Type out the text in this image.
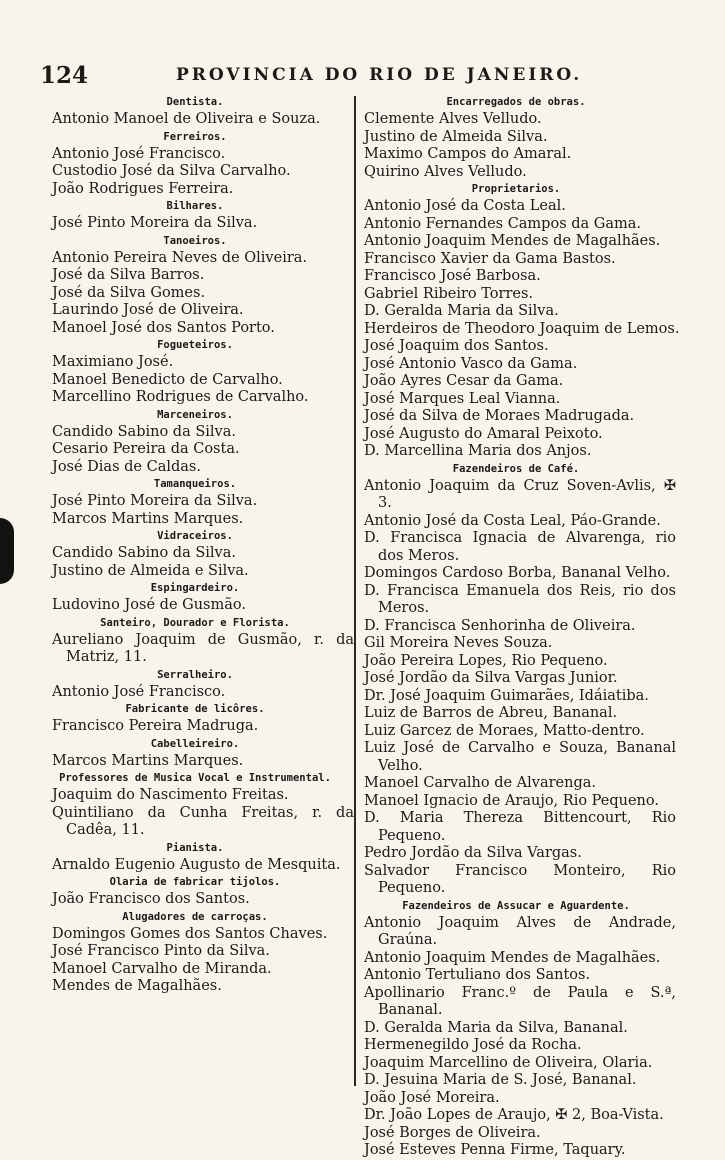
124	PROVINCIA DO RIO DE JANEIRO.
Dentista.
Antonio Manoel de Oliveira e Souza.
Ferreiros.
Antonio José Francisco.
Custodio José da Silva Carvalho.
João Rodrigues Ferreira.
Bilhares.
José Pinto Moreira da Silva.
Tanoeiros.
Antonio Pereira Neves de Oliveira.
José da Silva Barros.
José da Silva Gomes.
Laurindo José de Oliveira.
Manoel José dos Santos Porto.
Fogueteiros.
Maximiano José.
Manoel Benedicto de Carvalho.
Marcellino Rodrigues de Carvalho.
Marceneiros.
Candido Sabino da Silva.
Cesario Pereira da Costa.
José Dias de Caldas.
Tamanqueiros.
José Pinto Moreira da Silva.
Marcos Martins Marques.
Vidraceiros.
Candido Sabino da Silva.
Justino de Almeida e Silva.
Espingardeiro.
Ludovino José de Gusmão.
Santeiro, Dourador e Florista.
Aureliano Joaquim de Gusmão, r. da Matriz, 11.
Serralheiro.
Antonio José Francisco.
Fabricante de licôres.
Francisco Pereira Madruga.
Cabelleireiro.
Marcos Martins Marques.
Professores de Musica Vocal e Instrumental.
Joaquim do Nascimento Freitas.
Quintiliano da Cunha Freitas, r. da Cadêa, 11.
Pianista.
Arnaldo Eugenio Augusto de Mesquita.
Olaria de fabricar tijolos.
João Francisco dos Santos.
Alugadores de carroças.
Domingos Gomes dos Santos Chaves.
José Francisco Pinto da Silva.
Manoel Carvalho de Miranda.
Mendes de Magalhães.
Encarregados de obras.
Clemente Alves Velludo.
Justino de Almeida Silva.
Maximo Campos do Amaral.
Quirino Alves Velludo.
Proprietarios.
Antonio José da Costa Leal.
Antonio Fernandes Campos da Gama.
Antonio Joaquim Mendes de Magalhães.
Francisco Xavier da Gama Bastos.
Francisco José Barbosa.
Gabriel Ribeiro Torres.
D. Geralda Maria da Silva.
Herdeiros de Theodoro Joaquim de Lemos.
José Joaquim dos Santos.
José Antonio Vasco da Gama.
João Ayres Cesar da Gama.
José Marques Leal Vianna.
José da Silva de Moraes Madrugada.
José Augusto do Amaral Peixoto.
D. Marcellina Maria dos Anjos.
Fazendeiros de Café.
Antonio Joaquim da Cruz Soven-Avlis, ✠ 3.
Antonio José da Costa Leal, Páo-Grande.
D. Francisca Ignacia de Alvarenga, rio dos Meros.
Domingos Cardoso Borba, Bananal Velho.
D. Francisca Emanuela dos Reis, rio dos Meros.
D. Francisca Senhorinha de Oliveira.
Gil Moreira Neves Souza.
João Pereira Lopes, Rio Pequeno.
José Jordão da Silva Vargas Junior.
Dr. José Joaquim Guimarães, Idáiatiba.
Luiz de Barros de Abreu, Bananal.
Luiz Garcez de Moraes, Matto-dentro.
Luiz José de Carvalho e Souza, Bananal Velho.
Manoel Carvalho de Alvarenga.
Manoel Ignacio de Araujo, Rio Pequeno.
D. Maria Thereza Bittencourt, Rio Pequeno.
Pedro Jordão da Silva Vargas.
Salvador Francisco Monteiro, Rio Pequeno.
Fazendeiros de Assucar e Aguardente.
Antonio Joaquim Alves de Andrade, Graúna.
Antonio Joaquim Mendes de Magalhães.
Antonio Tertuliano dos Santos.
Apollinario Franc.º de Paula e S.ª, Bananal.
D. Geralda Maria da Silva, Bananal.
Hermenegildo José da Rocha.
Joaquim Marcellino de Oliveira, Olaria.
D. Jesuina Maria de S. José, Bananal.
João José Moreira.
Dr. João Lopes de Araujo, ✠ 2, Boa-Vista.
José Borges de Oliveira.
José Esteves Penna Firme, Taquary.
